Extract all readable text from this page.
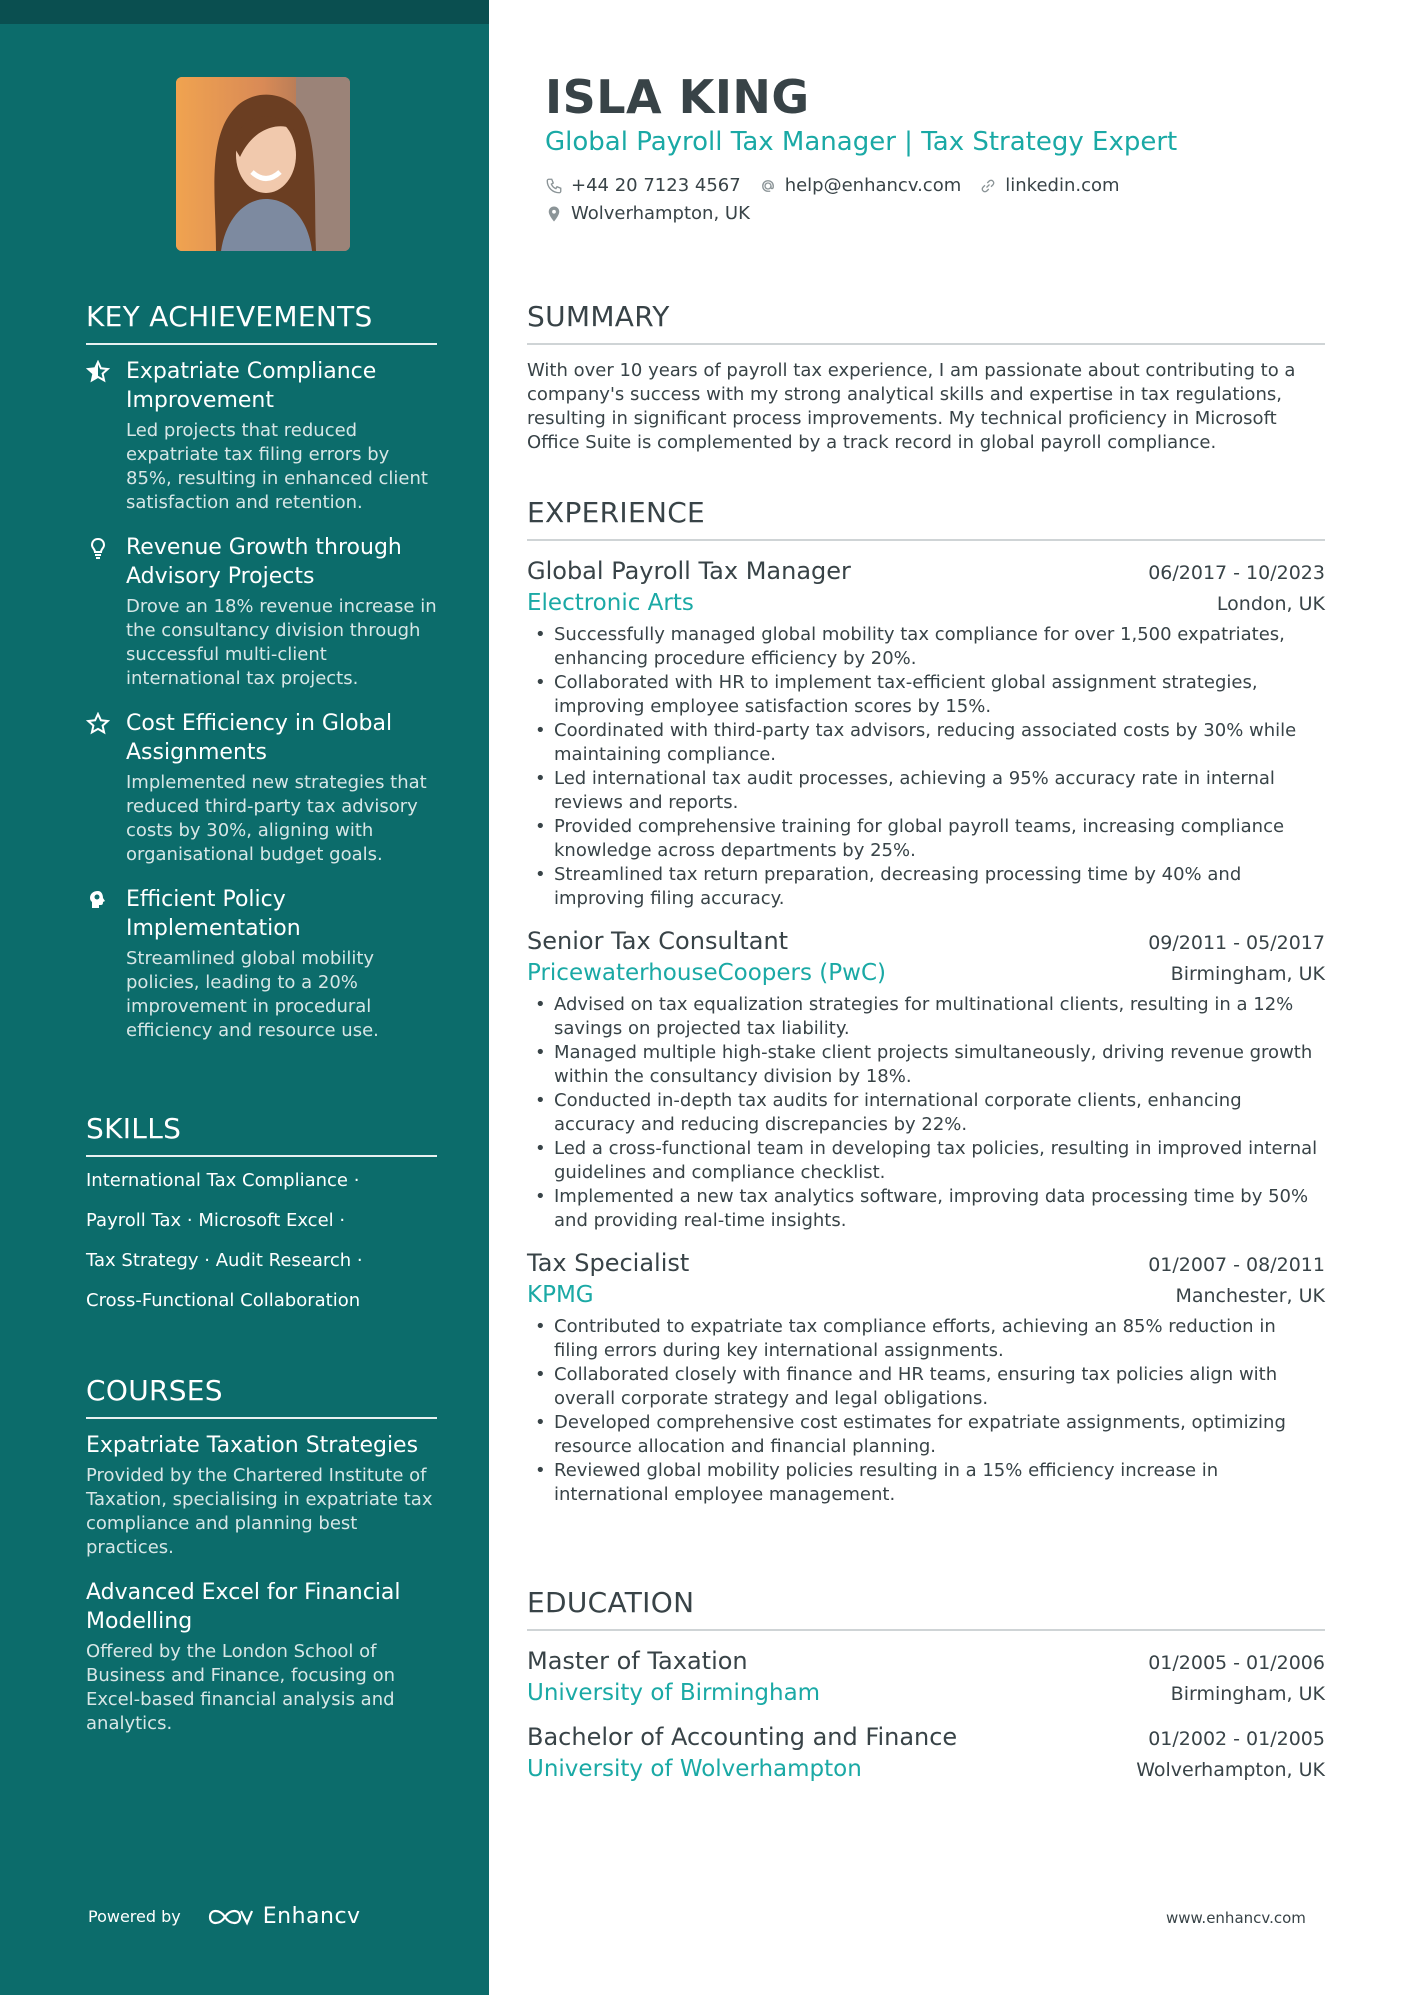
KEY ACHIEVEMENTS
Expatriate Compliance Improvement
Led projects that reduced expatriate tax filing errors by 85%, resulting in enhanced client satisfaction and retention.
Revenue Growth through Advisory Projects
Drove an 18% revenue increase in the consultancy division through successful multi-client international tax projects.
Cost Efficiency in Global Assignments
Implemented new strategies that reduced third-party tax advisory costs by 30%, aligning with organisational budget goals.
Efficient Policy Implementation
Streamlined global mobility policies, leading to a 20% improvement in procedural efficiency and resource use.
SKILLS
International Tax Compliance ·
Payroll Tax · Microsoft Excel ·
Tax Strategy · Audit Research ·
Cross-Functional Collaboration
COURSES
Expatriate Taxation Strategies
Provided by the Chartered Institute of Taxation, specialising in expatriate tax compliance and planning best practices.
Advanced Excel for Financial Modelling
Offered by the London School of Business and Finance, focusing on Excel-based financial analysis and analytics.
Powered by	Enhancv
ISLA KING
Global Payroll Tax Manager | Tax Strategy Expert
+44 20 7123 4567 help@enhancv.com linkedin.com
Wolverhampton, UK
SUMMARY
With over 10 years of payroll tax experience, I am passionate about contributing to a company's success with my strong analytical skills and expertise in tax regulations, resulting in significant process improvements. My technical proficiency in Microsoft Office Suite is complemented by a track record in global payroll compliance.
EXPERIENCE
Global Payroll Tax Manager	06/2017 - 10/2023
Electronic Arts	London, UK
• Successfully managed global mobility tax compliance for over 1,500 expatriates, enhancing procedure efficiency by 20%.
• Collaborated with HR to implement tax-efficient global assignment strategies, improving employee satisfaction scores by 15%.
• Coordinated with third-party tax advisors, reducing associated costs by 30% while maintaining compliance.
• Led international tax audit processes, achieving a 95% accuracy rate in internal reviews and reports.
• Provided comprehensive training for global payroll teams, increasing compliance knowledge across departments by 25%.
• Streamlined tax return preparation, decreasing processing time by 40% and improving filing accuracy.
Senior Tax Consultant	09/2011 - 05/2017
PricewaterhouseCoopers (PwC)	Birmingham, UK
• Advised on tax equalization strategies for multinational clients, resulting in a 12% savings on projected tax liability.
• Managed multiple high-stake client projects simultaneously, driving revenue growth within the consultancy division by 18%.
• Conducted in-depth tax audits for international corporate clients, enhancing accuracy and reducing discrepancies by 22%.
• Led a cross-functional team in developing tax policies, resulting in improved internal guidelines and compliance checklist.
• Implemented a new tax analytics software, improving data processing time by 50% and providing real-time insights.
Tax Specialist	01/2007 - 08/2011
KPMG	Manchester, UK
• Contributed to expatriate tax compliance efforts, achieving an 85% reduction in filing errors during key international assignments.
• Collaborated closely with finance and HR teams, ensuring tax policies align with overall corporate strategy and legal obligations.
• Developed comprehensive cost estimates for expatriate assignments, optimizing resource allocation and financial planning.
• Reviewed global mobility policies resulting in a 15% efficiency increase in international employee management.
EDUCATION
Master of Taxation	01/2005 - 01/2006
University of Birmingham	Birmingham, UK
Bachelor of Accounting and Finance	01/2002 - 01/2005
University of Wolverhampton	Wolverhampton, UK
www.enhancv.com
